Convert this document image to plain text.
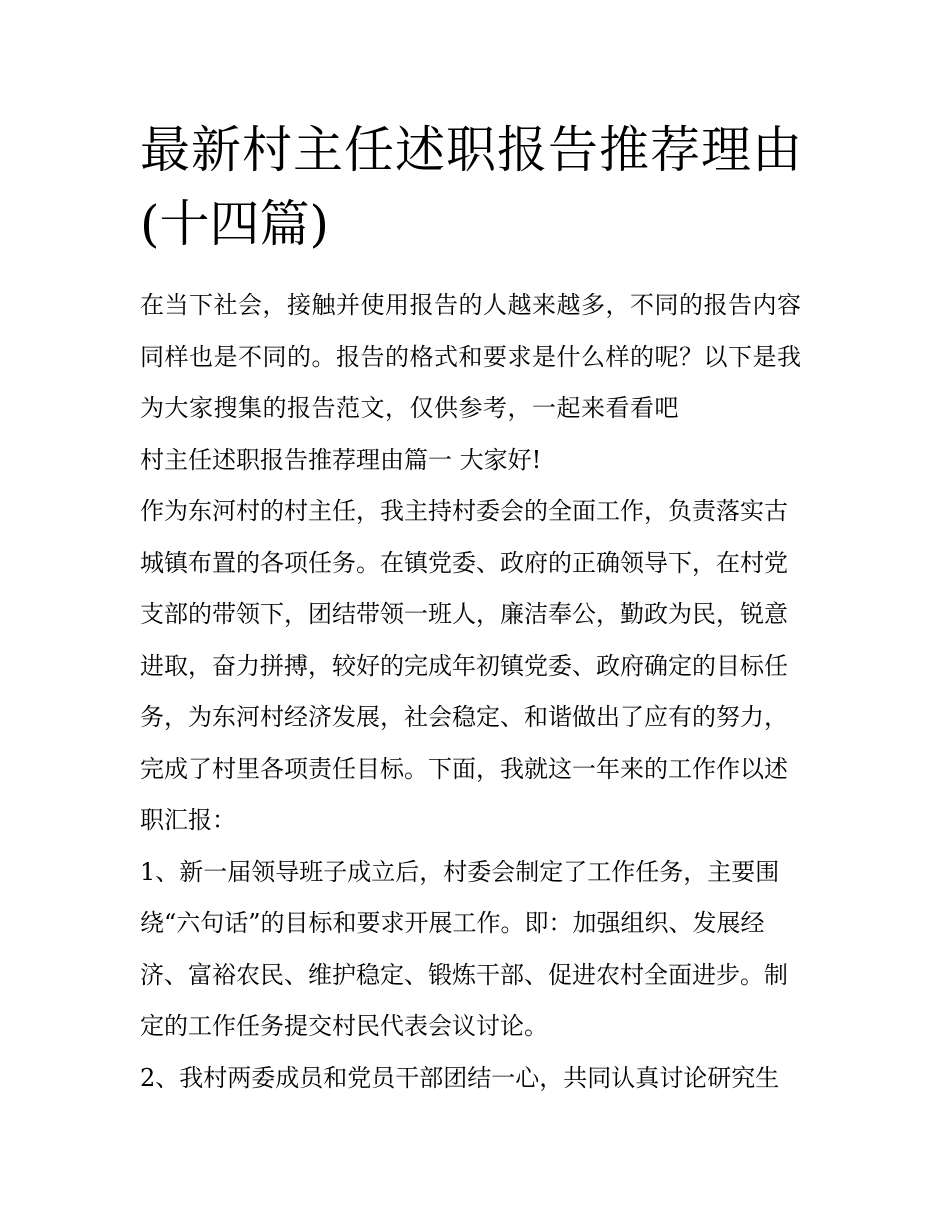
最新村主任述职报告推荐理由
(十四篇)

在当下社会，接触并使用报告的人越来越多，不同的报告内容
同样也是不同的。报告的格式和要求是什么样的呢？以下是我
为大家搜集的报告范文，仅供参考，一起来看看吧

村主任述职报告推荐理由篇一 大家好!

作为东河村的村主任，我主持村委会的全面工作，负责落实古
城镇布置的各项任务。在镇党委、政府的正确领导下，在村党
支部的带领下，团结带领一班人，廉洁奉公，勤政为民，锐意
进取，奋力拼搏，较好的完成年初镇党委、政府确定的目标任
务，为东河村经济发展，社会稳定、和谐做出了应有的努力，
完成了村里各项责任目标。下面，我就这一年来的工作作以述
职汇报：

1、新一届领导班子成立后，村委会制定了工作任务，主要围
绕“六句话”的目标和要求开展工作。即：加强组织、发展经
济、富裕农民、维护稳定、锻炼干部、促进农村全面进步。制
定的工作任务提交村民代表会议讨论。

2、我村两委成员和党员干部团结一心，共同认真讨论研究生
